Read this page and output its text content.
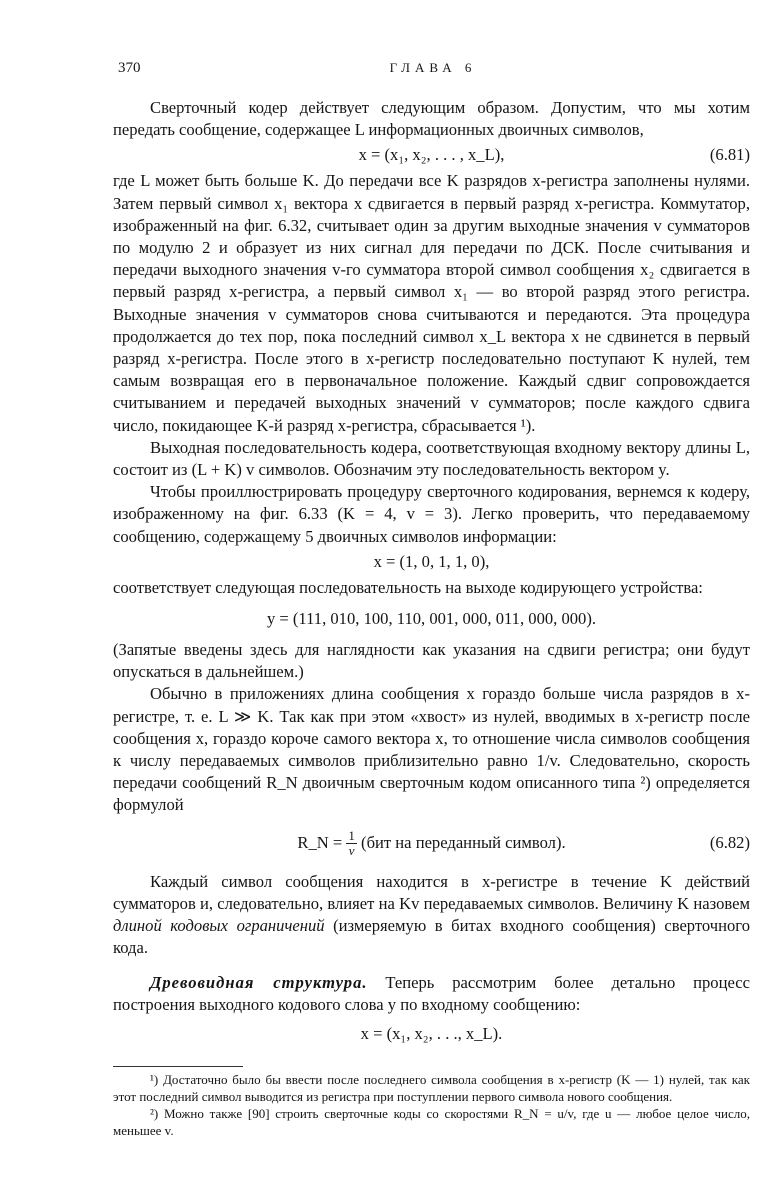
370	ГЛАВА 6

Сверточный кодер действует следующим образом. Допустим, что мы хотим передать сообщение, содержащее L информационных двоичных символов,

x = (x₁, x₂, . . . , x_L),	(6.81)

где L может быть больше K. До передачи все K разрядов x-регистра заполнены нулями. Затем первый символ x₁ вектора x сдвигается в первый разряд x-регистра. Коммутатор, изображенный на фиг. 6.32, считывает один за другим выходные значения v сумматоров по модулю 2 и образует из них сигнал для передачи по ДСК. После считывания и передачи выходного значения v-го сумматора второй символ сообщения x₂ сдвигается в первый разряд x-регистра, а первый символ x₁ — во второй разряд этого регистра. Выходные значения v сумматоров снова считываются и передаются. Эта процедура продолжается до тех пор, пока последний символ x_L вектора x не сдвинется в первый разряд x-регистра. После этого в x-регистр последовательно поступают K нулей, тем самым возвращая его в первоначальное положение. Каждый сдвиг сопровождается считыванием и передачей выходных значений v сумматоров; после каждого сдвига число, покидающее K-й разряд x-регистра, сбрасывается ¹).

Выходная последовательность кодера, соответствующая входному вектору длины L, состоит из (L + K) v символов. Обозначим эту последовательность вектором y.

Чтобы проиллюстрировать процедуру сверточного кодирования, вернемся к кодеру, изображенному на фиг. 6.33 (K = 4, v = 3). Легко проверить, что передаваемому сообщению, содержащему 5 двоичных символов информации:

x = (1, 0, 1, 1, 0),

соответствует следующая последовательность на выходе кодирующего устройства:

y = (111, 010, 100, 110, 001, 000, 011, 000, 000).

(Запятые введены здесь для наглядности как указания на сдвиги регистра; они будут опускаться в дальнейшем.)

Обычно в приложениях длина сообщения x гораздо больше числа разрядов в x-регистре, т. е. L ≫ K. Так как при этом «хвост» из нулей, вводимых в x-регистр после сообщения x, гораздо короче самого вектора x, то отношение числа символов сообщения к числу передаваемых символов приблизительно равно 1/v. Следовательно, скорость передачи сообщений R_N двоичным сверточным кодом описанного типа ²) определяется формулой

R_N = $\frac{1}{v} (бит$ на переданный символ).	(6.82)

Каждый символ сообщения находится в x-регистре в течение K действий сумматоров и, следовательно, влияет на Kv передаваемых символов. Величину K назовем длиной кодовых ограничений (измеряемую в битах входного сообщения) сверточного кода.

Древовидная структура. Теперь рассмотрим более детально процесс построения выходного кодового слова y по входному сообщению:

x = (x₁, x₂, . . ., x_L).

¹) Достаточно было бы ввести после последнего символа сообщения в x-регистр (K — 1) нулей, так как этот последний символ выводится из регистра при поступлении первого символа нового сообщения.

²) Можно также [90] строить сверточные коды со скоростями R_N = u/v, где u — любое целое число, меньшее v.
